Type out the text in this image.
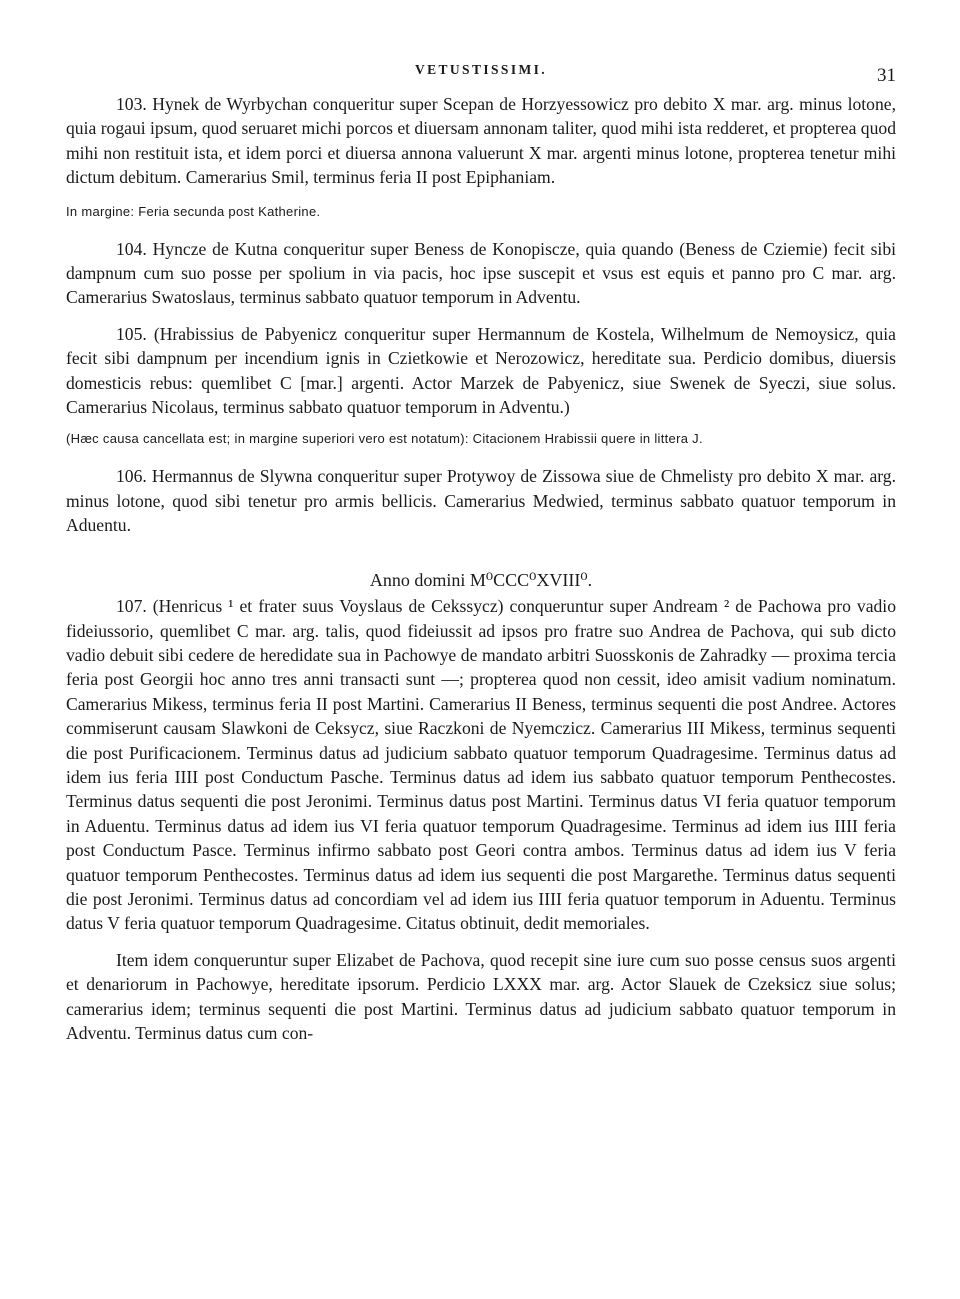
VETUSTISSIMI.	31

103. Hynek de Wyrbychan conqueritur super Scepan de Horzyessowicz pro debito X mar. arg. minus lotone, quia rogaui ipsum, quod seruaret michi porcos et diuersam annonam taliter, quod mihi ista redderet, et propterea quod mihi non restituit ista, et idem porci et diuersa annona valuerunt X mar. argenti minus lotone, propterea tenetur mihi dictum debitum. Camerarius Smil, terminus feria II post Epiphaniam.

In margine: Feria secunda post Katherine.

104. Hyncze de Kutna conqueritur super Beness de Konopiscze, quia quando (Beness de Cziemie) fecit sibi dampnum cum suo posse per spolium in via pacis, hoc ipse suscepit et vsus est equis et panno pro C mar. arg. Camerarius Swatoslaus, terminus sabbato quatuor temporum in Adventu.

105. (Hrabissius de Pabyenicz conqueritur super Hermannum de Kostela, Wilhelmum de Nemoysicz, quia fecit sibi dampnum per incendium ignis in Czietkowie et Nerozowicz, hereditate sua. Perdicio domibus, diuersis domesticis rebus: quemlibet C [mar.] argenti. Actor Marzek de Pabyenicz, siue Swenek de Syeczi, siue solus. Camerarius Nicolaus, terminus sabbato quatuor temporum in Adventu.)

(Hæc causa cancellata est; in margine superiori vero est notatum): Citacionem Hrabissii quere in littera J.

106. Hermannus de Slywna conqueritur super Protywoy de Zissowa siue de Chmelisty pro debito X mar. arg. minus lotone, quod sibi tenetur pro armis bellicis. Camerarius Medwied, terminus sabbato quatuor temporum in Aduentu.

Anno domini M⁰CCC⁰XVIII⁰.

107. (Henricus ¹ et frater suus Voyslaus de Cekssycz) conqueruntur super Andream ² de Pachowa pro vadio fideiussorio, quemlibet C mar. arg. talis, quod fideiussit ad ipsos pro fratre suo Andrea de Pachova, qui sub dicto vadio debuit sibi cedere de heredidate sua in Pachowye de mandato arbitri Suosskonis de Zahradky — proxima tercia feria post Georgii hoc anno tres anni transacti sunt —; propterea quod non cessit, ideo amisit vadium nominatum. Camerarius Mikess, terminus feria II post Martini. Camerarius II Beness, terminus sequenti die post Andree. Actores commiserunt causam Slawkoni de Ceksycz, siue Raczkoni de Nyemczicz. Camerarius III Mikess, terminus sequenti die post Purificacionem. Terminus datus ad judicium sabbato quatuor temporum Quadragesime. Terminus datus ad idem ius feria IIII post Conductum Pasche. Terminus datus ad idem ius sabbato quatuor temporum Penthecostes. Terminus datus sequenti die post Jeronimi. Terminus datus post Martini. Terminus datus VI feria quatuor temporum in Aduentu. Terminus datus ad idem ius VI feria quatuor temporum Quadragesime. Terminus ad idem ius IIII feria post Conductum Pasce. Terminus infirmo sabbato post Geori contra ambos. Terminus datus ad idem ius V feria quatuor temporum Penthecostes. Terminus datus ad idem ius sequenti die post Margarethe. Terminus datus sequenti die post Jeronimi. Terminus datus ad concordiam vel ad idem ius IIII feria quatuor temporum in Aduentu. Terminus datus V feria quatuor temporum Quadragesime. Citatus obtinuit, dedit memoriales.

Item idem conqueruntur super Elizabet de Pachova, quod recepit sine iure cum suo posse census suos argenti et denariorum in Pachowye, hereditate ipsorum. Perdicio LXXX mar. arg. Actor Slauek de Czeksicz siue solus; camerarius idem; terminus sequenti die post Martini. Terminus datus ad judicium sabbato quatuor temporum in Adventu. Terminus datus cum con-
